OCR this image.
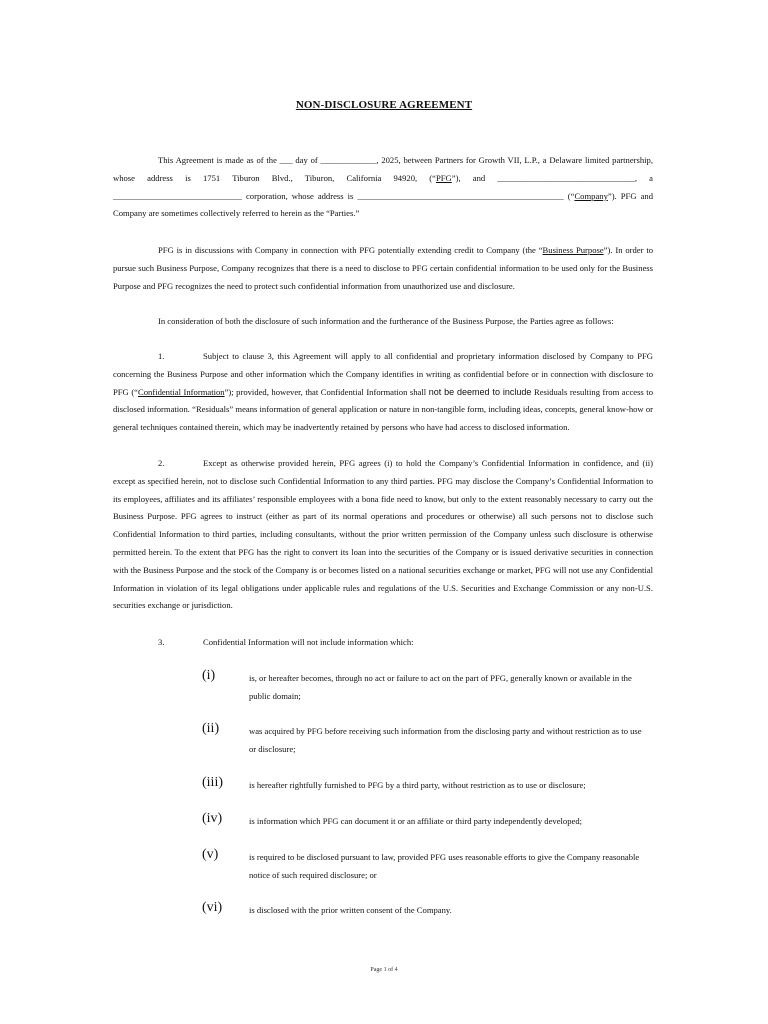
NON-DISCLOSURE AGREEMENT
This Agreement is made as of the ___ day of _____________, 2025, between Partners for Growth VII, L.P., a Delaware limited partnership, whose address is 1751 Tiburon Blvd., Tiburon, California 94920, (“PFG”), and ________________________________, a ______________________________ corporation, whose address is ________________________________________________ (“Company”). PFG and Company are sometimes collectively referred to herein as the “Parties.”
PFG is in discussions with Company in connection with PFG potentially extending credit to Company (the “Business Purpose”). In order to pursue such Business Purpose, Company recognizes that there is a need to disclose to PFG certain confidential information to be used only for the Business Purpose and PFG recognizes the need to protect such confidential information from unauthorized use and disclosure.
In consideration of both the disclosure of such information and the furtherance of the Business Purpose, the Parties agree as follows:
1.	Subject to clause 3, this Agreement will apply to all confidential and proprietary information disclosed by Company to PFG concerning the Business Purpose and other information which the Company identifies in writing as confidential before or in connection with disclosure to PFG (“Confidential Information”); provided, however, that Confidential Information shall not be deemed to include Residuals resulting from access to disclosed information. “Residuals” means information of general application or nature in non-tangible form, including ideas, concepts, general know-how or general techniques contained therein, which may be inadvertently retained by persons who have had access to disclosed information.
2.	Except as otherwise provided herein, PFG agrees (i) to hold the Company’s Confidential Information in confidence, and (ii) except as specified herein, not to disclose such Confidential Information to any third parties. PFG may disclose the Company’s Confidential Information to its employees, affiliates and its affiliates’ responsible employees with a bona fide need to know, but only to the extent reasonably necessary to carry out the Business Purpose. PFG agrees to instruct (either as part of its normal operations and procedures or otherwise) all such persons not to disclose such Confidential Information to third parties, including consultants, without the prior written permission of the Company unless such disclosure is otherwise permitted herein. To the extent that PFG has the right to convert its loan into the securities of the Company or is issued derivative securities in connection with the Business Purpose and the stock of the Company is or becomes listed on a national securities exchange or market, PFG will not use any Confidential Information in violation of its legal obligations under applicable rules and regulations of the U.S. Securities and Exchange Commission or any non-U.S. securities exchange or jurisdiction.
3.	Confidential Information will not include information which:
(i)	is, or hereafter becomes, through no act or failure to act on the part of PFG, generally known or available in the public domain;
(ii)	was acquired by PFG before receiving such information from the disclosing party and without restriction as to use or disclosure;
(iii)	is hereafter rightfully furnished to PFG by a third party, without restriction as to use or disclosure;
(iv)	is information which PFG can document it or an affiliate or third party independently developed;
(v)	is required to be disclosed pursuant to law, provided PFG uses reasonable efforts to give the Company reasonable notice of such required disclosure; or
(vi)	is disclosed with the prior written consent of the Company.
Page 1 of 4
